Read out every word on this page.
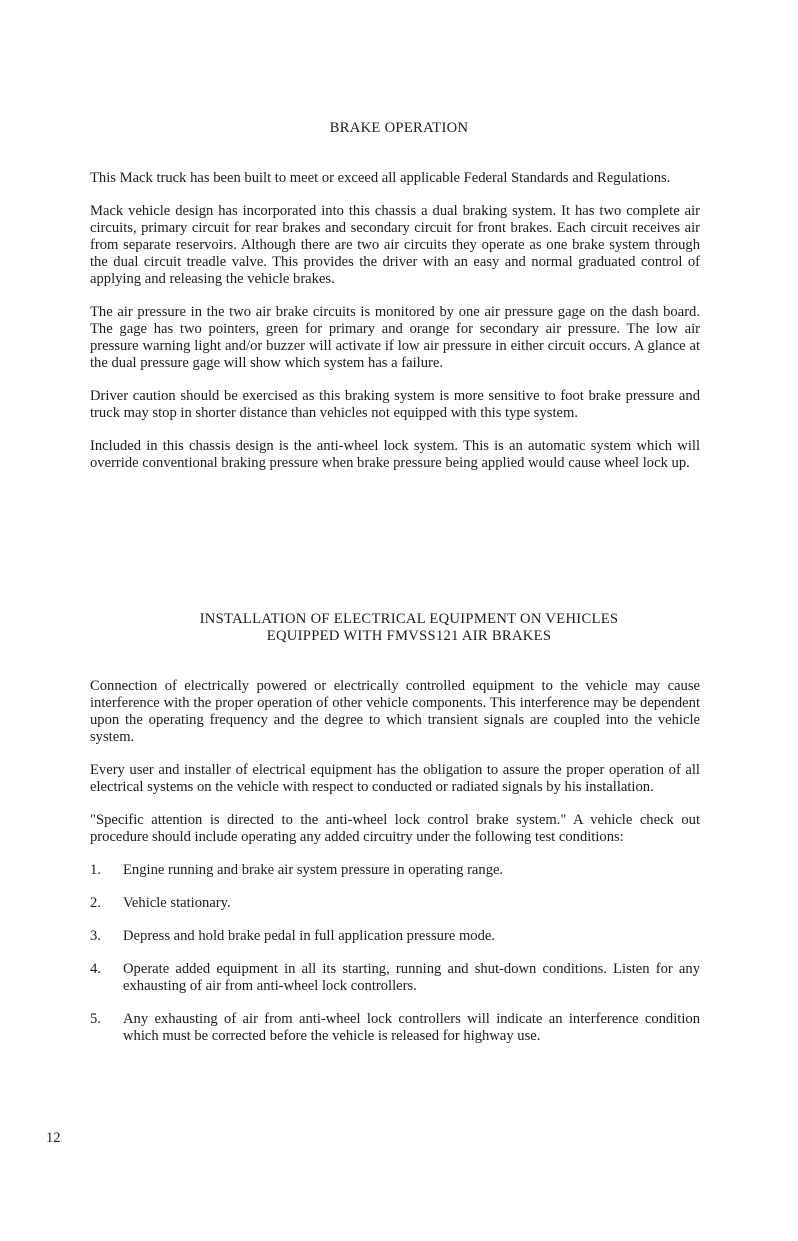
BRAKE OPERATION

This Mack truck has been built to meet or exceed all applicable Federal Standards and Regulations.

Mack vehicle design has incorporated into this chassis a dual braking system. It has two complete air circuits, primary circuit for rear brakes and secondary circuit for front brakes. Each circuit receives air from separate reservoirs. Although there are two air circuits they operate as one brake system through the dual circuit treadle valve. This provides the driver with an easy and normal graduated control of applying and releasing the vehicle brakes.

The air pressure in the two air brake circuits is monitored by one air pressure gage on the dash board. The gage has two pointers, green for primary and orange for secondary air pressure. The low air pressure warning light and/or buzzer will activate if low air pressure in either circuit occurs. A glance at the dual pressure gage will show which system has a failure.

Driver caution should be exercised as this braking system is more sensitive to foot brake pressure and truck may stop in shorter distance than vehicles not equipped with this type system.

Included in this chassis design is the anti-wheel lock system. This is an automatic system which will override conventional braking pressure when brake pressure being applied would cause wheel lock up.

INSTALLATION OF ELECTRICAL EQUIPMENT ON VEHICLES
EQUIPPED WITH FMVSS121 AIR BRAKES

Connection of electrically powered or electrically controlled equipment to the vehicle may cause interference with the proper operation of other vehicle components. This interference may be dependent upon the operating frequency and the degree to which transient signals are coupled into the vehicle system.

Every user and installer of electrical equipment has the obligation to assure the proper operation of all electrical systems on the vehicle with respect to conducted or radiated signals by his installation.

"Specific attention is directed to the anti-wheel lock control brake system." A vehicle check out procedure should include operating any added circuitry under the following test conditions:

1. Engine running and brake air system pressure in operating range.
2. Vehicle stationary.
3. Depress and hold brake pedal in full application pressure mode.
4. Operate added equipment in all its starting, running and shut-down conditions. Listen for any exhausting of air from anti-wheel lock controllers.
5. Any exhausting of air from anti-wheel lock controllers will indicate an interference condition which must be corrected before the vehicle is released for highway use.
12
